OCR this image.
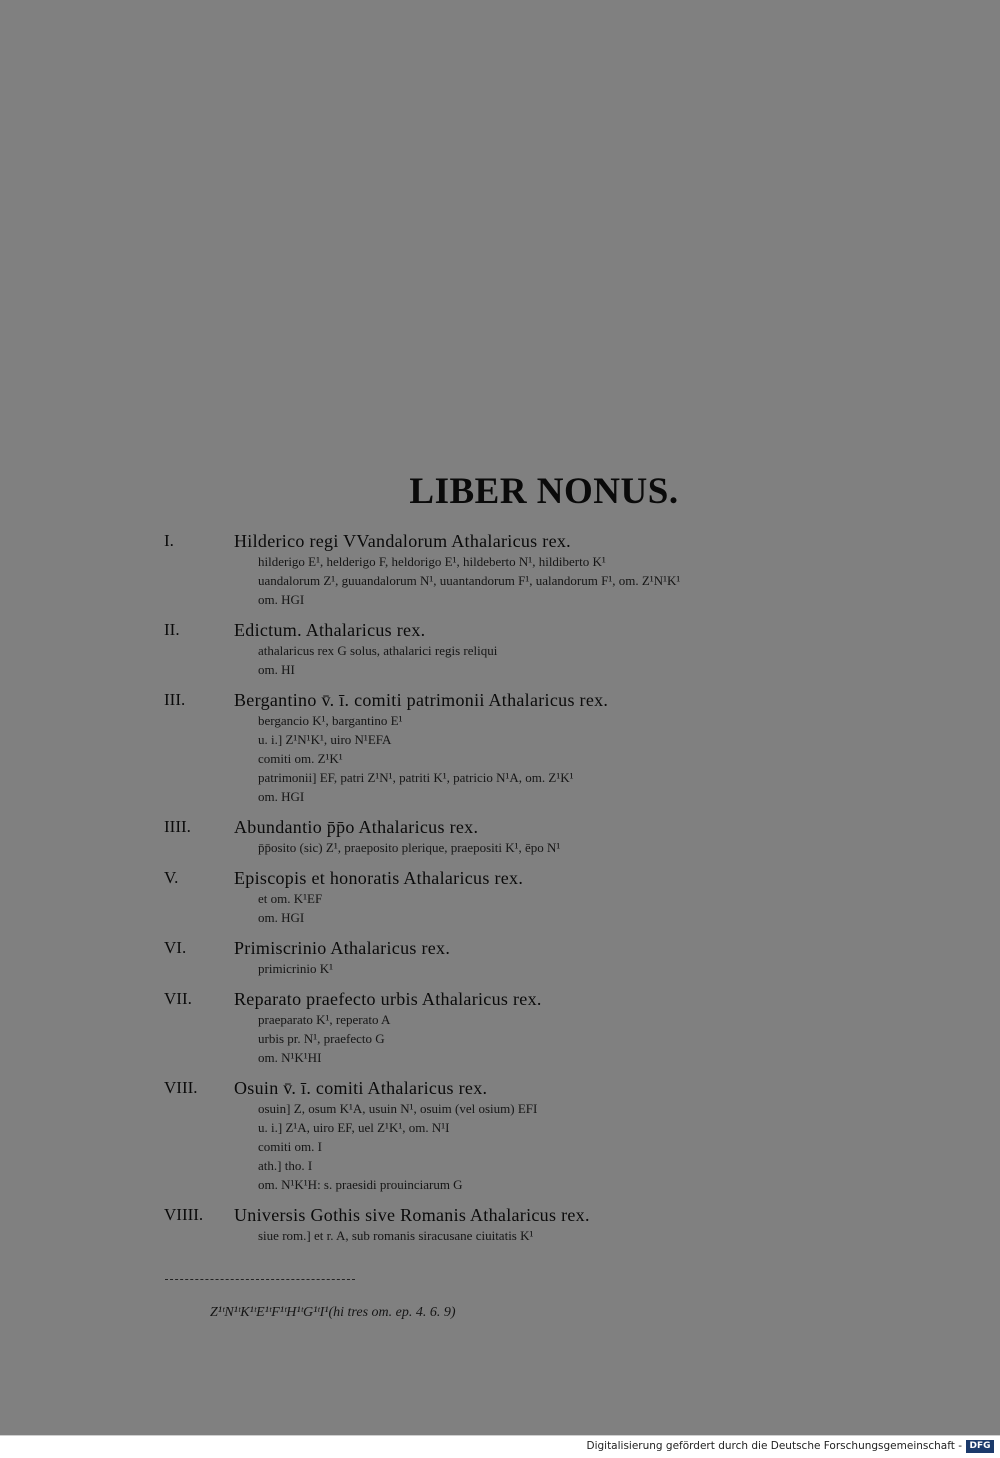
LIBER NONUS.
I.	Hilderico regi VVandalorum Athalaricus rex.
hilderigo E¹, helderigo F, heldorigo E¹, hildeberto N¹, hildiberto K¹
uandalorum Z¹, guuandalorum N¹, uuantandorum F¹, ualandorum F¹, om. Z¹N¹K¹
om. HGI
II.	Edictum. Athalaricus rex.
athalaricus rex G solus, athalarici regis reliqui
om. HI
III.	Bergantino v̄. ī. comiti patrimonii Athalaricus rex.
bergancio K¹, bargantino E¹
u. i.] Z¹N¹K¹, uiro N¹EFA
comiti om. Z¹K¹
patrimonii] EF, patri Z¹N¹, patriti K¹, patricio N¹A, om. Z¹K¹
om. HGI
IIII. Abundantio p̄p̄o Athalaricus rex.
p̄p̄osito (sic) Z¹, praeposito plerique, praepositi K¹, ēpo N¹
V.	Episcopis et honoratis Athalaricus rex.
et om. K¹EF
om. HGI
VI.	Primiscrinio Athalaricus rex.
primicrinio K¹
VII. Reparato praefecto urbis Athalaricus rex.
praeparato K¹, reperato A
urbis pr. N¹, praefecto G
om. N¹K¹HI
VIII. Osuin v̄. ī. comiti Athalaricus rex.
osuin] Z, osum K¹A, usuin N¹, osuim (vel osium) EFI
u. i.] Z¹A, uiro EF, uel Z¹K¹, om. N¹I
comiti om. I
ath.] tho. I
om. N¹K¹H: s. praesidi prouinciarum G
VIIII. Universis Gothis sive Romanis Athalaricus rex.
siue rom.] et r. A, sub romanis siracusane ciuitatis K¹
Z¹ᵗN¹ᵗK¹ᵗE¹ᵗF¹ᵗH¹ᵗG¹ᵗI¹(hi tres om. ep. 4. 6. 9)
Digitalisierung gefördert durch die Deutsche Forschungsgemeinschaft - DFG
